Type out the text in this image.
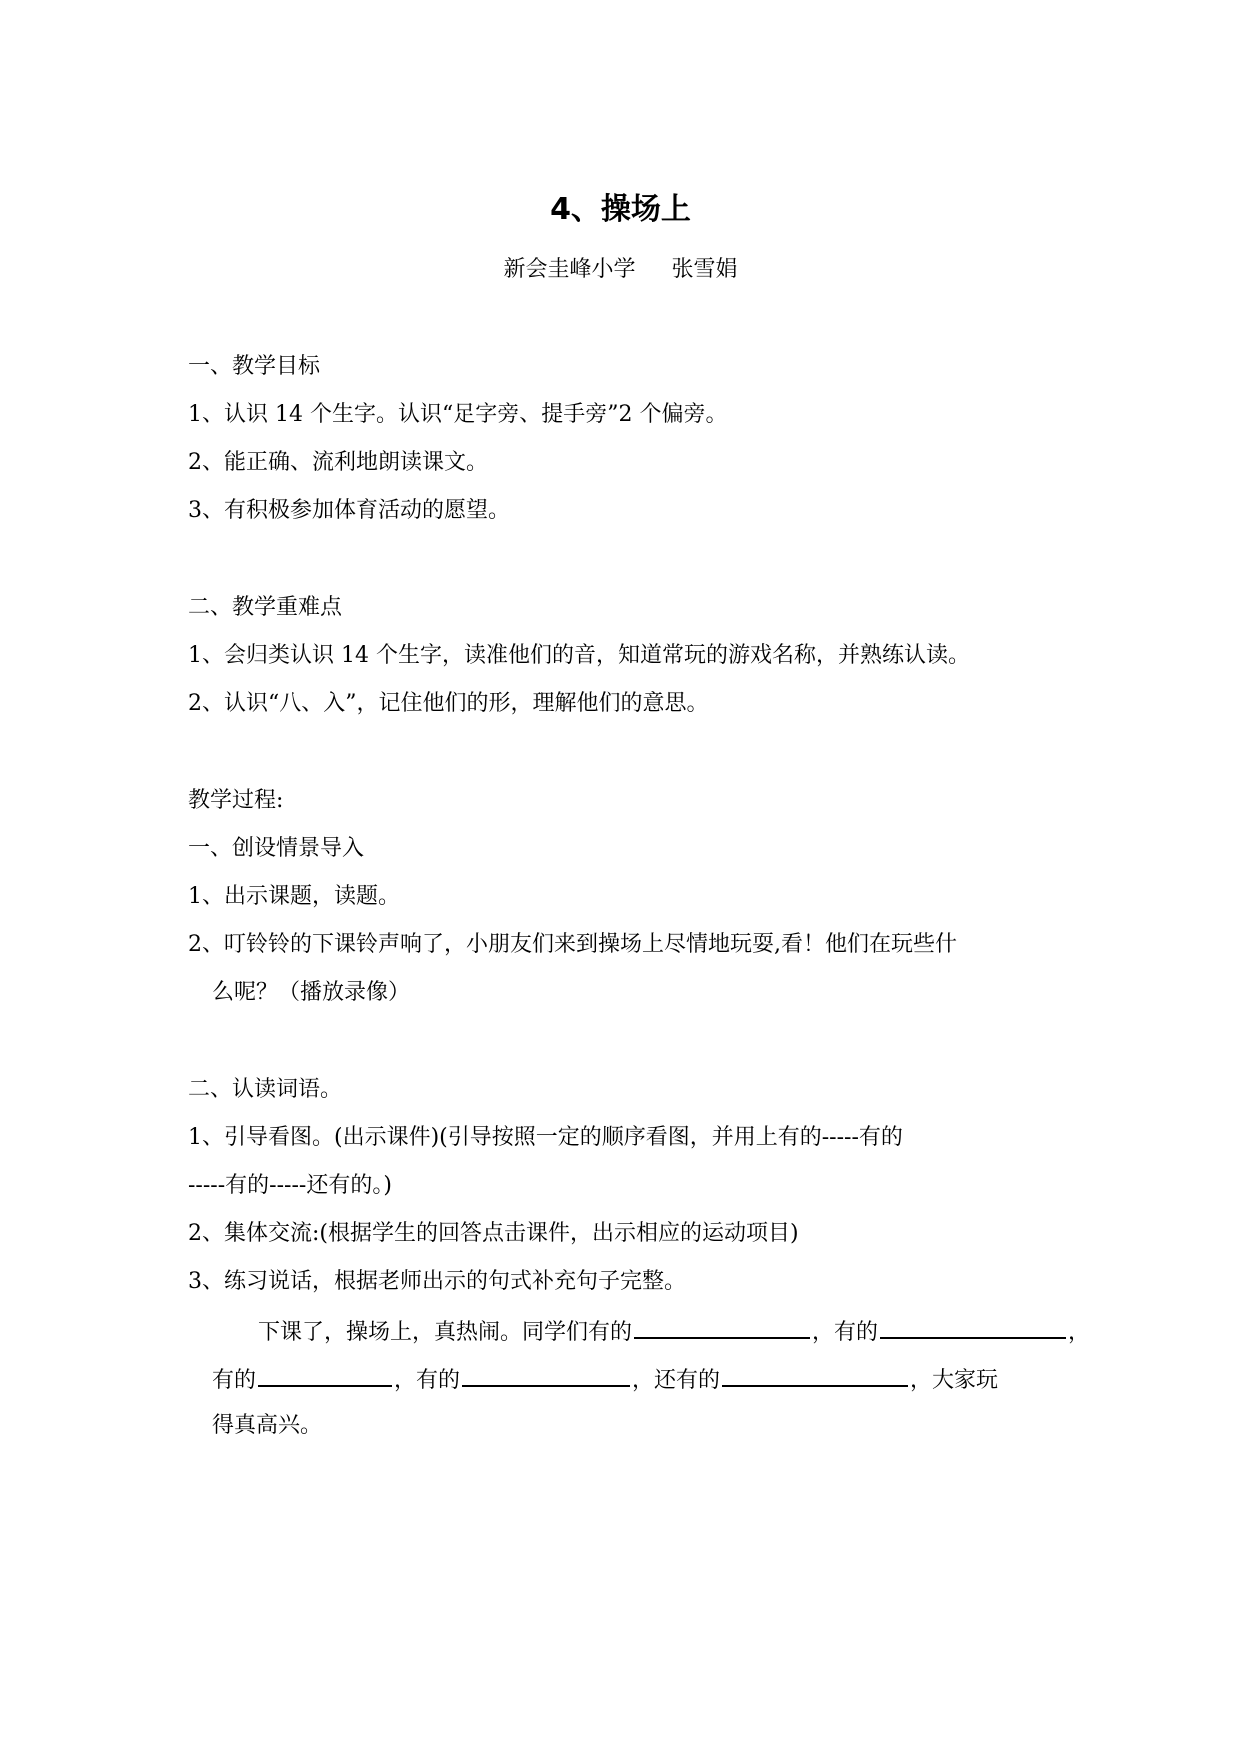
4、操场上
新会圭峰小学 张雪娟
一、教学目标
1、认识 14 个生字。认识“足字旁、提手旁”2 个偏旁。
2、能正确、流利地朗读课文。
3、有积极参加体育活动的愿望。
二、教学重难点
1、会归类认识 14 个生字，读准他们的音，知道常玩的游戏名称，并熟练认读。
2、认识“八、入”，记住他们的形，理解他们的意思。
教学过程:
一、创设情景导入
1、出示课题，读题。
2、叮铃铃的下课铃声响了，小朋友们来到操场上尽情地玩耍,看！他们在玩些什
么呢？（播放录像）
二、认读词语。
1、引导看图。(出示课件)(引导按照一定的顺序看图，并用上有的-----有的
-----有的-----还有的。)
2、集体交流:(根据学生的回答点击课件，出示相应的运动项目)
3、练习说话，根据老师出示的句式补充句子完整。
下课了，操场上，真热闹。同学们有的	，有的	，
有的	，有的	，还有的	，大家玩
得真高兴。
